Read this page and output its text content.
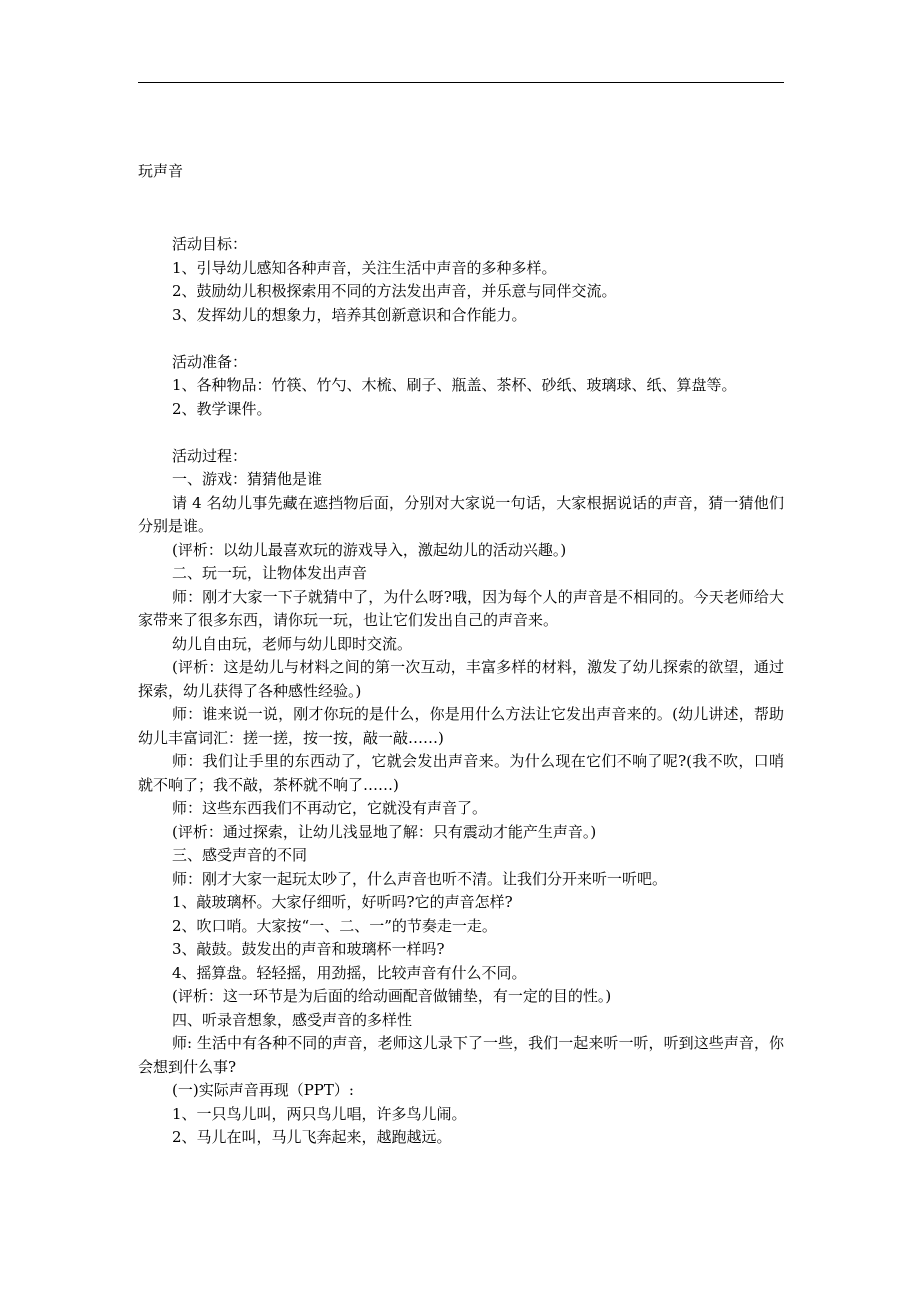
玩声音
活动目标：
1、引导幼儿感知各种声音，关注生活中声音的多种多样。
2、鼓励幼儿积极探索用不同的方法发出声音，并乐意与同伴交流。
3、发挥幼儿的想象力，培养其创新意识和合作能力。
活动准备：
1、各种物品：竹筷、竹勺、木梳、刷子、瓶盖、茶杯、砂纸、玻璃球、纸、算盘等。
2、教学课件。
活动过程：
一、游戏：猜猜他是谁
请 4 名幼儿事先藏在遮挡物后面，分别对大家说一句话，大家根据说话的声音，猜一猜他们分别是谁。
(评析：以幼儿最喜欢玩的游戏导入，激起幼儿的活动兴趣。)
二、玩一玩，让物体发出声音
师：刚才大家一下子就猜中了，为什么呀?哦，因为每个人的声音是不相同的。今天老师给大家带来了很多东西，请你玩一玩，也让它们发出自己的声音来。
幼儿自由玩，老师与幼儿即时交流。
(评析：这是幼儿与材料之间的第一次互动，丰富多样的材料，激发了幼儿探索的欲望，通过探索，幼儿获得了各种感性经验。)
师：谁来说一说，刚才你玩的是什么，你是用什么方法让它发出声音来的。(幼儿讲述，帮助幼儿丰富词汇：搓一搓，按一按，敲一敲……)
师：我们让手里的东西动了，它就会发出声音来。为什么现在它们不响了呢?(我不吹，口哨就不响了；我不敲，茶杯就不响了……)
师：这些东西我们不再动它，它就没有声音了。
(评析：通过探索，让幼儿浅显地了解：只有震动才能产生声音。)
三、感受声音的不同
师：刚才大家一起玩太吵了，什么声音也听不清。让我们分开来听一听吧。
1、敲玻璃杯。大家仔细听，好听吗?它的声音怎样?
2、吹口哨。大家按“一、二、一”的节奏走一走。
3、敲鼓。鼓发出的声音和玻璃杯一样吗?
4、摇算盘。轻轻摇，用劲摇，比较声音有什么不同。
(评析：这一环节是为后面的给动画配音做铺垫，有一定的目的性。)
四、听录音想象，感受声音的多样性
师: 生活中有各种不同的声音，老师这儿录下了一些，我们一起来听一听，听到这些声音，你会想到什么事?
(一)实际声音再现（PPT）:
1、一只鸟儿叫，两只鸟儿唱，许多鸟儿闹。
2、马儿在叫，马儿飞奔起来，越跑越远。
